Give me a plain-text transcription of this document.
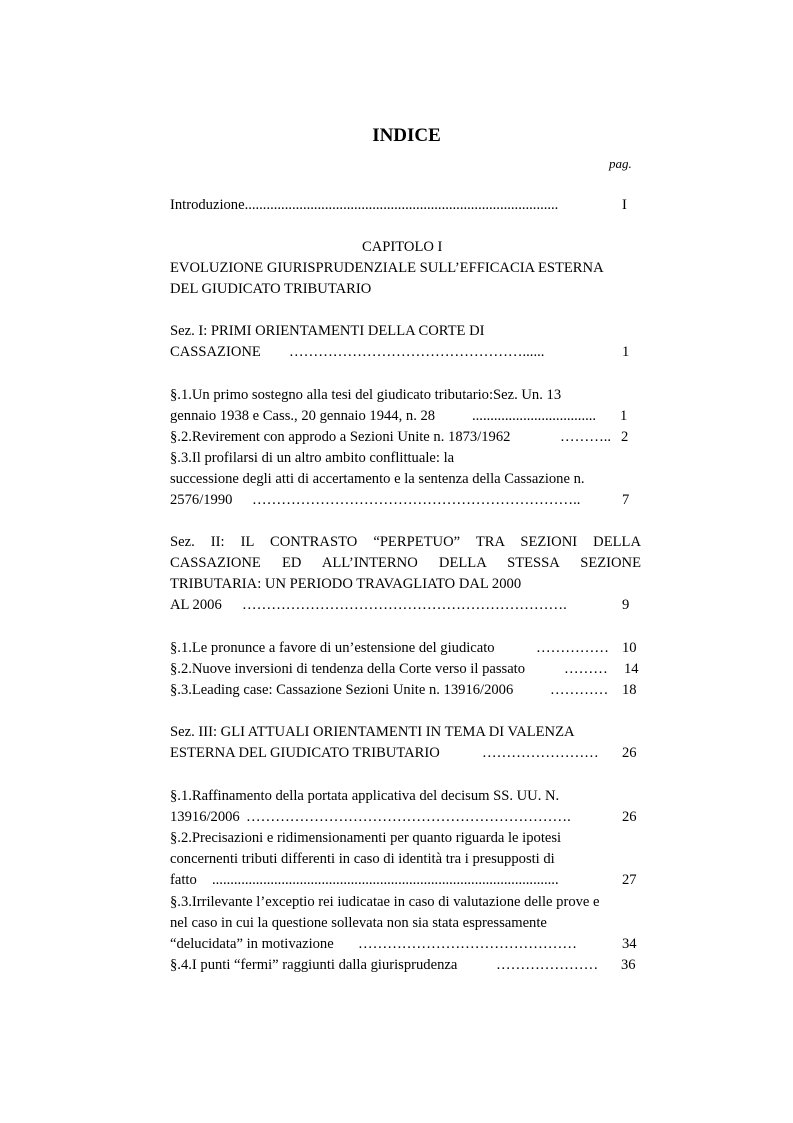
INDICE
pag.
Introduzione......................................................................................	I
CAPITOLO I
EVOLUZIONE GIURISPRUDENZIALE SULL’EFFICACIA ESTERNA
DEL GIUDICATO TRIBUTARIO
Sez. I: PRIMI ORIENTAMENTI DELLA CORTE DI
CASSAZIONE …………………………………………......	1
§.1.Un primo sostegno alla tesi del giudicato tributario:Sez. Un. 13
gennaio 1938 e Cass., 20 gennaio 1944, n. 28	.................................. 1
§.2.Revirement con approdo a Sezioni Unite n. 1873/1962	……….. 2
§.3.Il profilarsi di un altro ambito conflittuale: la
successione degli atti di accertamento e la sentenza della Cassazione n.
2576/1990 …………………………………………………………..	7
Sez. II: IL CONTRASTO “PERPETUO” TRA SEZIONI DELLA
CASSAZIONE ED ALL’INTERNO DELLA STESSA SEZIONE
TRIBUTARIA: UN PERIODO TRAVAGLIATO DAL 2000
AL 2006 ………………………………………………………….	9
§.1.Le pronunce a favore di un’estensione del giudicato	…………… 10
§.2.Nuove inversioni di tendenza della Corte verso il passato	……… 14
§.3.Leading case: Cassazione Sezioni Unite n. 13916/2006	………… 18
Sez. III: GLI ATTUALI ORIENTAMENTI IN TEMA DI VALENZA
ESTERNA DEL GIUDICATO TRIBUTARIO	…………………… 26
§.1.Raffinamento della portata applicativa del decisum SS. UU. N.
13916/2006 ………………………………………………………….	26
§.2.Precisazioni e ridimensionamenti per quanto riguarda le ipotesi
concernenti tributi differenti in caso di identità tra i presupposti di
fatto ...............................................................................................	27
§.3.Irrilevante l’exceptio rei iudicatae in caso di valutazione delle prove e
nel caso in cui la questione sollevata non sia stata espressamente
“delucidata” in motivazione ………………………………………	34
§.4.I punti “fermi” raggiunti dalla giurisprudenza	………………… 36
